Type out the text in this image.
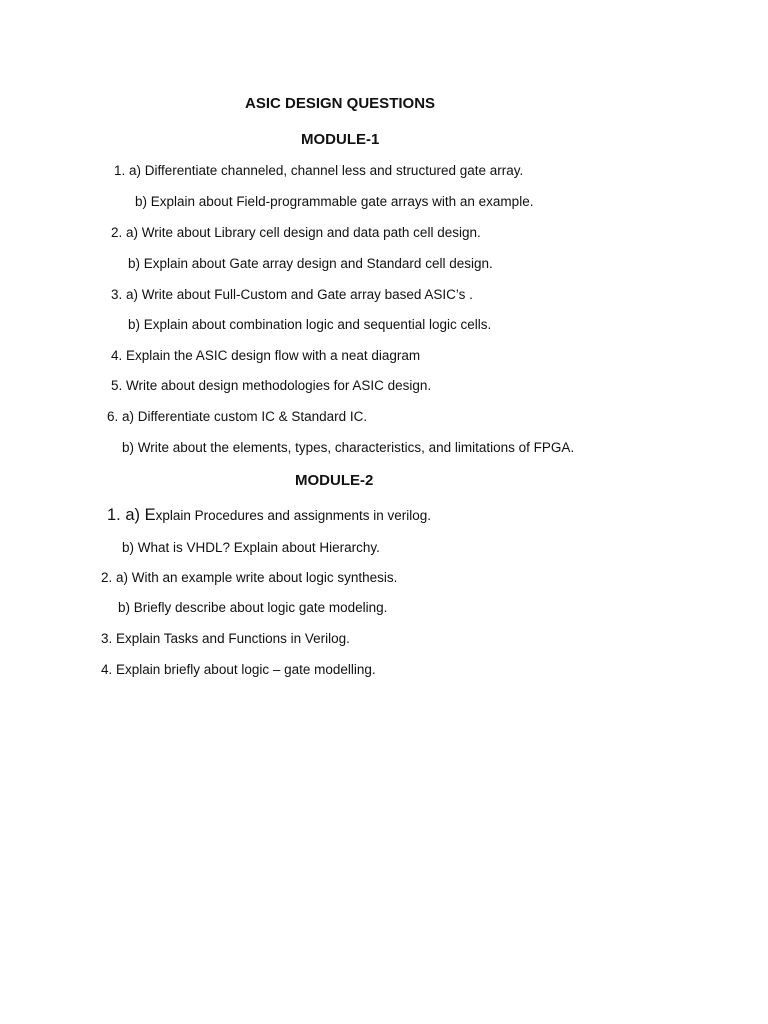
ASIC DESIGN QUESTIONS
MODULE-1
1. a) Differentiate channeled, channel less and structured gate array.
b) Explain about Field-programmable gate arrays with an example.
2. a) Write about Library cell design and data path cell design.
b) Explain about Gate array design and Standard cell design.
3. a) Write about Full-Custom and Gate array based ASIC’s .
b) Explain about combination logic and sequential logic cells.
4. Explain the ASIC design flow with a neat diagram
5. Write about design methodologies for ASIC design.
6. a) Differentiate custom IC & Standard IC.
b) Write about the elements, types, characteristics, and limitations of FPGA.
MODULE-2
1. a) Explain Procedures and assignments in verilog.
b) What is VHDL? Explain about Hierarchy.
2. a) With an example write about logic synthesis.
b) Briefly describe about logic gate modeling.
3. Explain Tasks and Functions in Verilog.
4. Explain briefly about logic – gate modelling.
